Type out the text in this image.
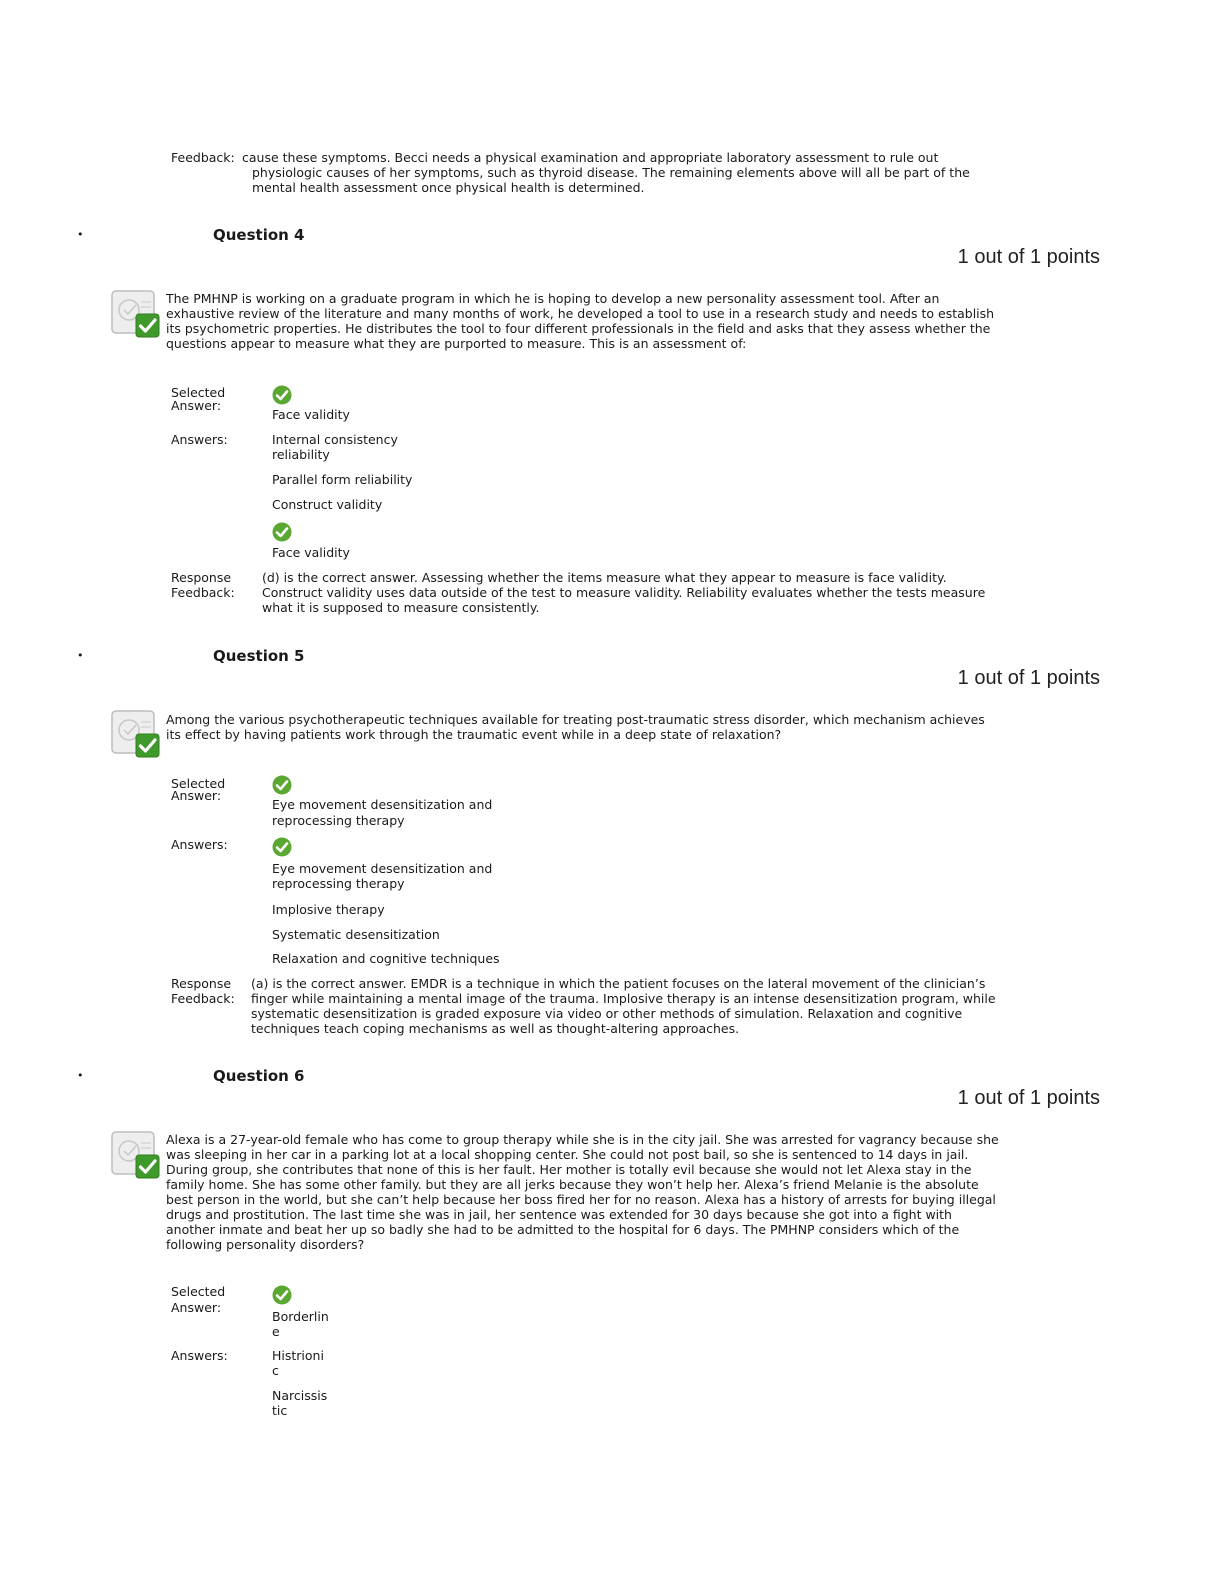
Feedback: cause these symptoms. Becci needs a physical examination and appropriate laboratory assessment to rule out
physiologic causes of her symptoms, such as thyroid disease. The remaining elements above will all be part of the
mental health assessment once physical health is determined.
•	Question 4
1 out of 1 points
The PMHNP is working on a graduate program in which he is hoping to develop a new personality assessment tool. After an
exhaustive review of the literature and many months of work, he developed a tool to use in a research study and needs to establish
its psychometric properties. He distributes the tool to four different professionals in the field and asks that they assess whether the
questions appear to measure what they are purported to measure. This is an assessment of:
Selected
Answer:
Face validity
Answers:	Internal consistency
reliability
Parallel form reliability
Construct validity
Face validity
Response
Feedback:
(d) is the correct answer. Assessing whether the items measure what they appear to measure is face validity.
Construct validity uses data outside of the test to measure validity. Reliability evaluates whether the tests measure
what it is supposed to measure consistently.
•	Question 5
1 out of 1 points
Among the various psychotherapeutic techniques available for treating post-traumatic stress disorder, which mechanism achieves
its effect by having patients work through the traumatic event while in a deep state of relaxation?
Selected
Answer:
Eye movement desensitization and
reprocessing therapy
Answers:
Eye movement desensitization and
reprocessing therapy
Implosive therapy
Systematic desensitization
Relaxation and cognitive techniques
Response
Feedback:
(a) is the correct answer. EMDR is a technique in which the patient focuses on the lateral movement of the clinician’s
finger while maintaining a mental image of the trauma. Implosive therapy is an intense desensitization program, while
systematic desensitization is graded exposure via video or other methods of simulation. Relaxation and cognitive
techniques teach coping mechanisms as well as thought-altering approaches.
•	Question 6
1 out of 1 points
Alexa is a 27-year-old female who has come to group therapy while she is in the city jail. She was arrested for vagrancy because she
was sleeping in her car in a parking lot at a local shopping center. She could not post bail, so she is sentenced to 14 days in jail.
During group, she contributes that none of this is her fault. Her mother is totally evil because she would not let Alexa stay in the
family home. She has some other family. but they are all jerks because they won’t help her. Alexa’s friend Melanie is the absolute
best person in the world, but she can’t help because her boss fired her for no reason. Alexa has a history of arrests for buying illegal
drugs and prostitution. The last time she was in jail, her sentence was extended for 30 days because she got into a fight with
another inmate and beat her up so badly she had to be admitted to the hospital for 6 days. The PMHNP considers which of the
following personality disorders?
Selected
Answer:
Borderlin
e
Answers:	Histrioni
c
Narcissis
tic
